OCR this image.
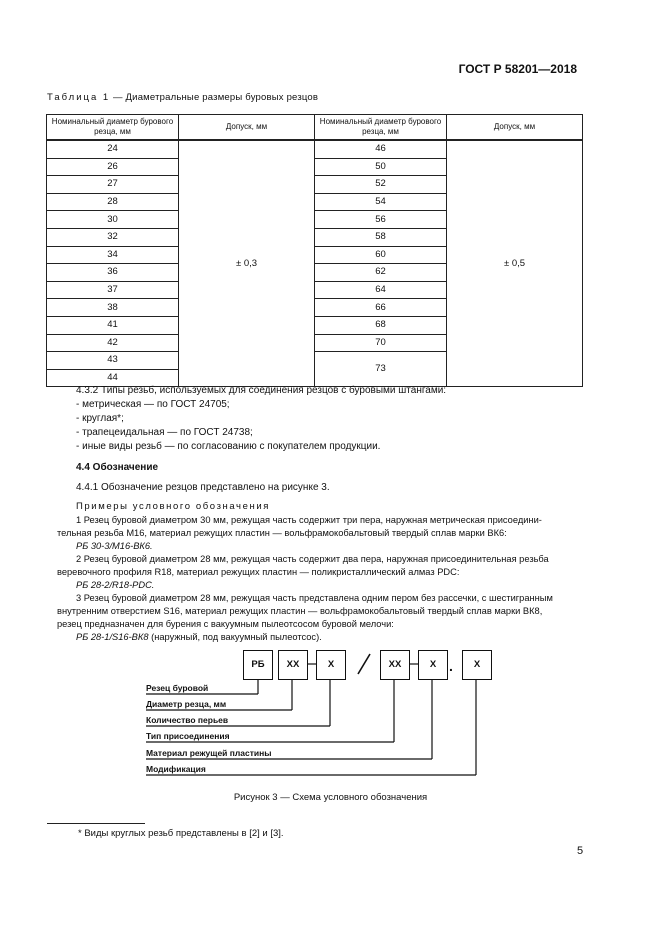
ГОСТ Р 58201—2018
Таблица 1 — Диаметральные размеры буровых резцов
Номинальный диаметр бурового резца, мм	Допуск, мм	Номинальный диаметр бурового резца, мм	Допуск, мм
24	± 0,3	46	± 0,5
26		50	
27		52	
28		54	
30		56	
32		58	
34		60	
36		62	
37		64	
38		66	
41		68	
42		70	
43		73	
44			
4.3.2 Типы резьб, используемых для соединения резцов с буровыми штангами:
- метрическая — по ГОСТ 24705;
- круглая*;
- трапецеидальная — по ГОСТ 24738;
- иные виды резьб — по согласованию с покупателем продукции.
4.4 Обозначение
4.4.1 Обозначение резцов представлено на рисунке 3.
Примеры условного обозначения
1 Резец буровой диаметром 30 мм, режущая часть содержит три пера, наружная метрическая присоедини-
тельная резьба М16, материал режущих пластин — вольфрамокобальтовый твердый сплав марки ВК6:
РБ 30-3/М16-ВК6.
2 Резец буровой диаметром 28 мм, режущая часть содержит два пера, наружная присоединительная резьба
веревочного профиля R18, материал режущих пластин — поликристаллический алмаз PDC:
РБ 28-2/R18-PDC.
3 Резец буровой диаметром 28 мм, режущая часть представлена одним пером без рассечки, с шестигранным
внутренним отверстием S16, материал режущих пластин — вольфрамокобальтовый твердый сплав марки ВК8,
резец предназначен для бурения с вакуумным пылеотсосом буровой мелочи:
РБ 28-1/S16-ВК8 (наружный, под вакуумный пылеотсос).
РБ	ХХ	Х	ХХ	Х	Х
.
Резец буровой
Диаметр резца, мм
Количество перьев
Тип присоединения
Материал режущей пластины
Модификация
Рисунок 3 — Схема условного обозначения
* Виды круглых резьб представлены в [2] и [3].
5
